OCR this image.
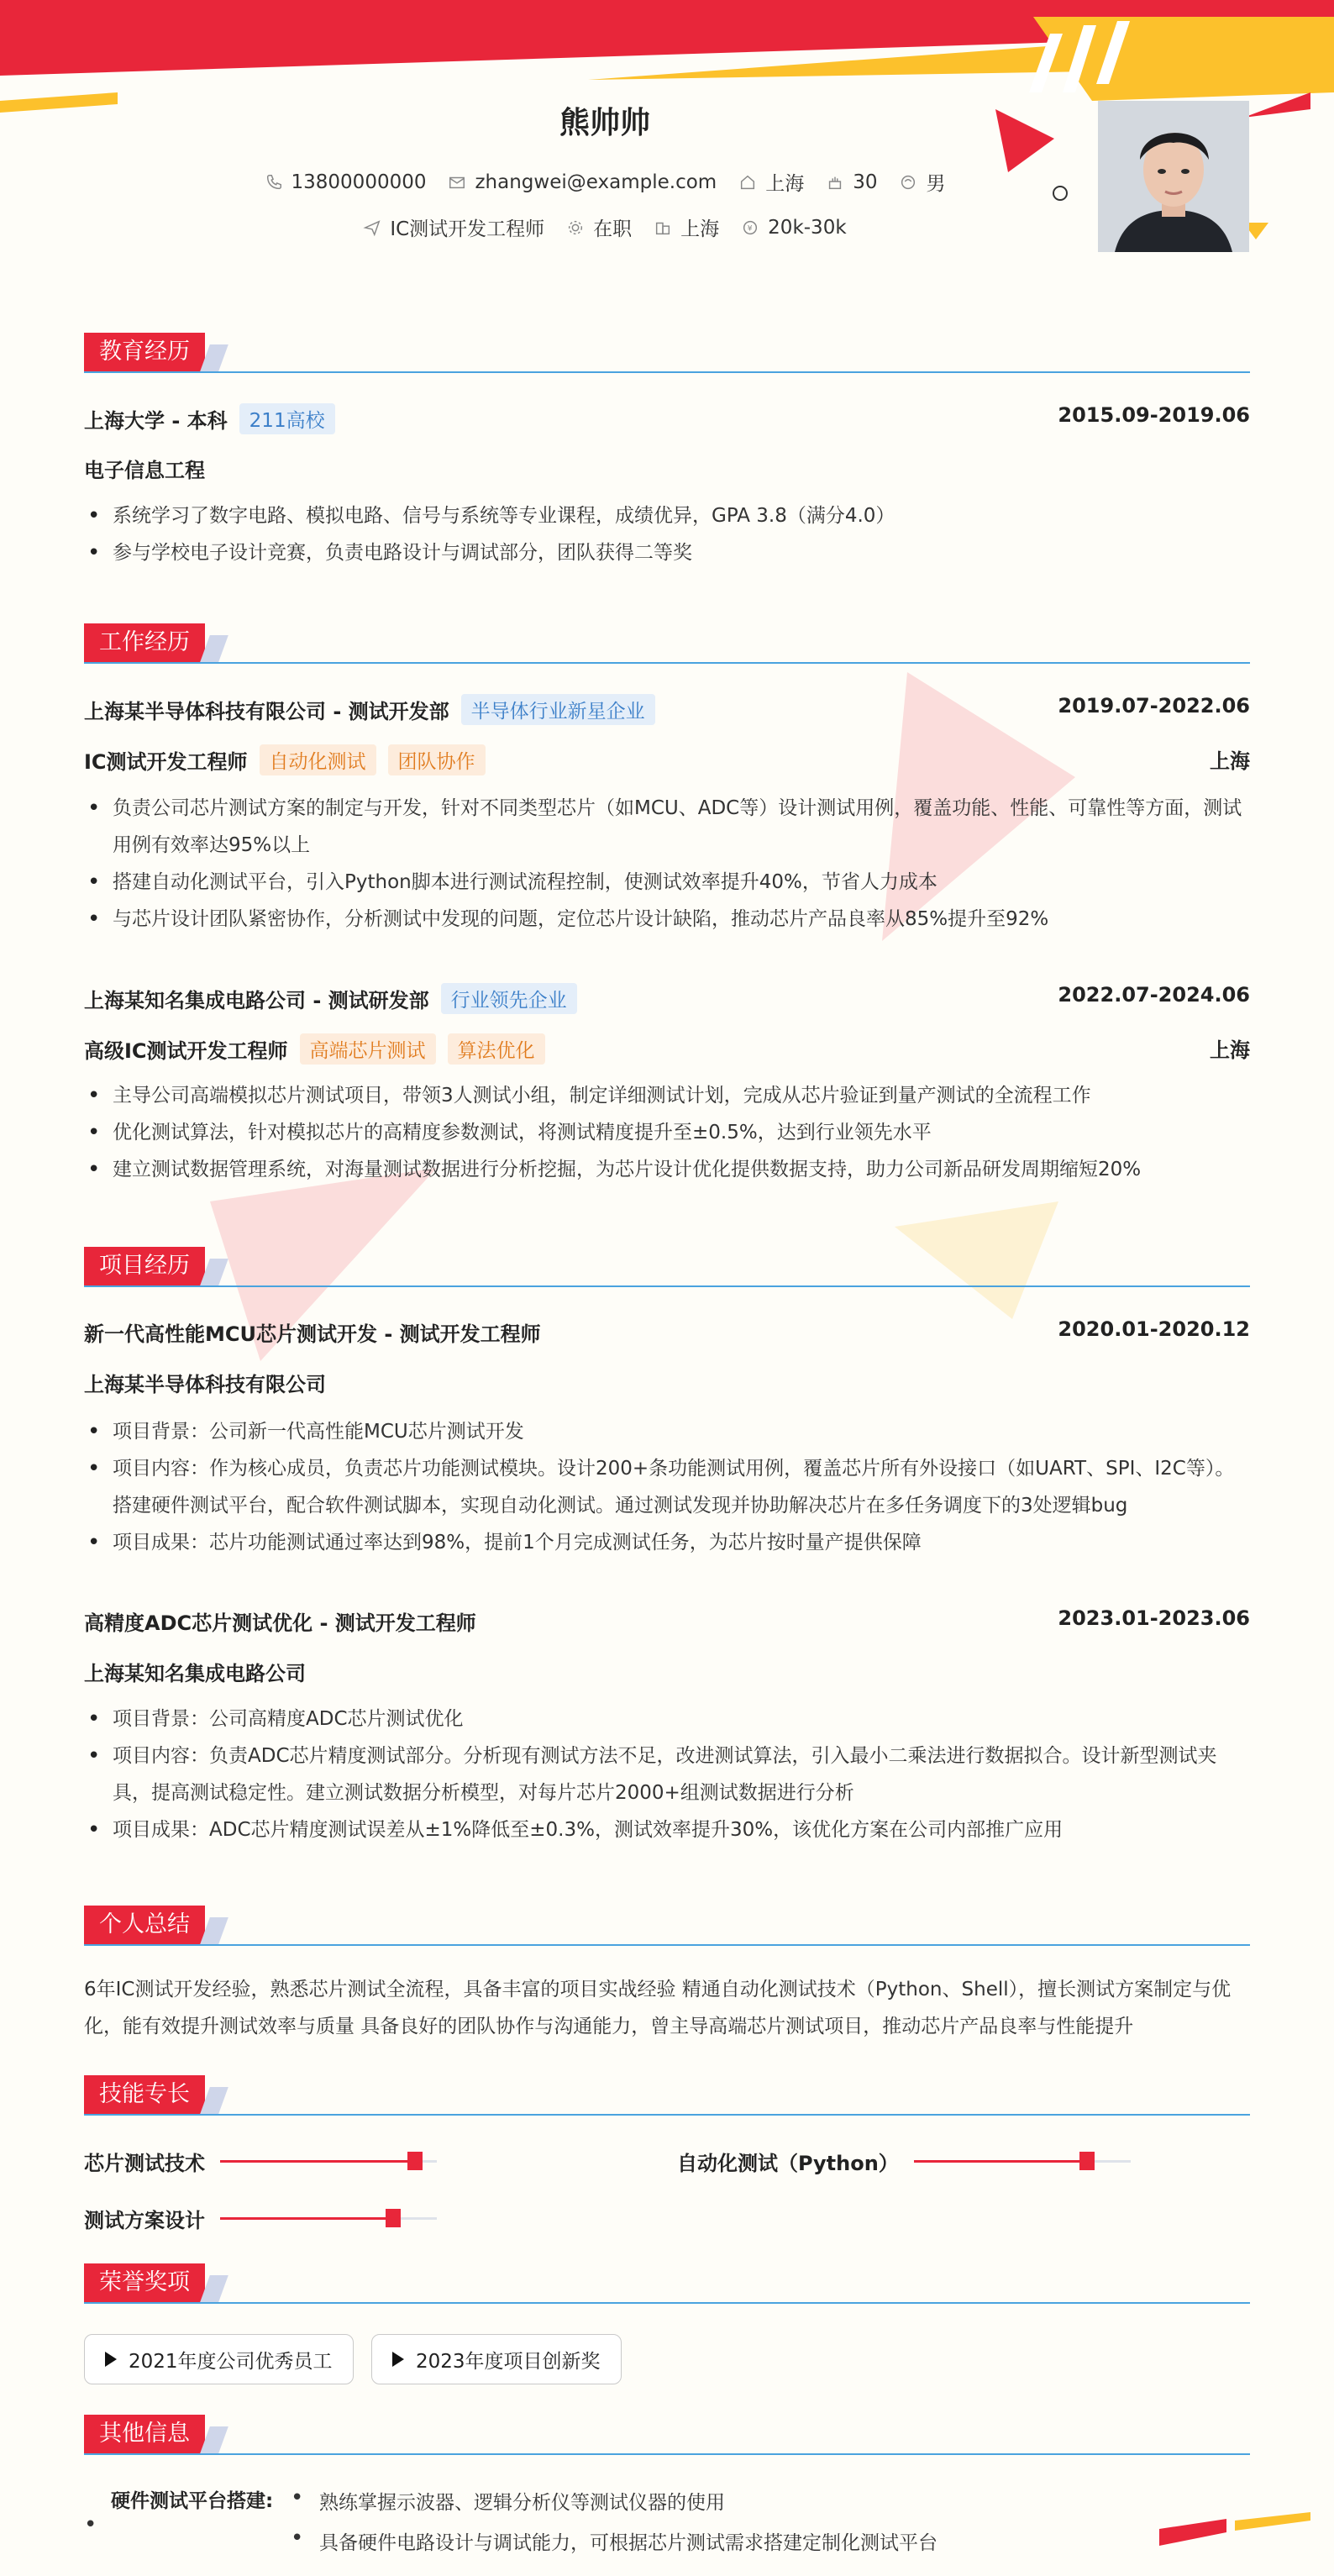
熊帅帅
13800000000	zhangwei@example.com	上海	30	男
IC测试开发工程师	在职	上海	¥ 20k-30k
教育经历
上海大学 - 本科	211高校	2015.09-2019.06
电子信息工程
• 系统学习了数字电路、模拟电路、信号与系统等专业课程，成绩优异，GPA 3.8（满分4.0）
• 参与学校电子设计竞赛，负责电路设计与调试部分，团队获得二等奖
工作经历
上海某半导体科技有限公司 - 测试开发部	半导体行业新星企业	2019.07-2022.06
IC测试开发工程师	自动化测试	团队协作	上海
• 负责公司芯片测试方案的制定与开发，针对不同类型芯片（如MCU、ADC等）设计测试用例，覆盖功能、性能、可靠性等方面，测试用例有效率达95%以上
• 搭建自动化测试平台，引入Python脚本进行测试流程控制，使测试效率提升40%，节省人力成本
• 与芯片设计团队紧密协作，分析测试中发现的问题，定位芯片设计缺陷，推动芯片产品良率从85%提升至92%
上海某知名集成电路公司 - 测试研发部	行业领先企业	2022.07-2024.06
高级IC测试开发工程师	高端芯片测试	算法优化	上海
• 主导公司高端模拟芯片测试项目，带领3人测试小组，制定详细测试计划，完成从芯片验证到量产测试的全流程工作
• 优化测试算法，针对模拟芯片的高精度参数测试，将测试精度提升至±0.5%，达到行业领先水平
• 建立测试数据管理系统，对海量测试数据进行分析挖掘，为芯片设计优化提供数据支持，助力公司新品研发周期缩短20%
项目经历
新一代高性能MCU芯片测试开发 - 测试开发工程师	2020.01-2020.12
上海某半导体科技有限公司
• 项目背景：公司新一代高性能MCU芯片测试开发
• 项目内容：作为核心成员，负责芯片功能测试模块。设计200+条功能测试用例，覆盖芯片所有外设接口（如UART、SPI、I2C等）。搭建硬件测试平台，配合软件测试脚本，实现自动化测试。通过测试发现并协助解决芯片在多任务调度下的3处逻辑bug
• 项目成果：芯片功能测试通过率达到98%，提前1个月完成测试任务，为芯片按时量产提供保障
高精度ADC芯片测试优化 - 测试开发工程师	2023.01-2023.06
上海某知名集成电路公司
• 项目背景：公司高精度ADC芯片测试优化
• 项目内容：负责ADC芯片精度测试部分。分析现有测试方法不足，改进测试算法，引入最小二乘法进行数据拟合。设计新型测试夹具，提高测试稳定性。建立测试数据分析模型，对每片芯片2000+组测试数据进行分析
• 项目成果：ADC芯片精度测试误差从±1%降低至±0.3%，测试效率提升30%，该优化方案在公司内部推广应用
个人总结

6年IC测试开发经验，熟悉芯片测试全流程，具备丰富的项目实战经验 精通自动化测试技术（Python、Shell），擅长测试方案制定与优化，能有效提升测试效率与质量 具备良好的团队协作与沟通能力，曾主导高端芯片测试项目，推动芯片产品良率与性能提升

技能专长
芯片测试技术	自动化测试（Python）
测试方案设计
荣誉奖项
2021年度公司优秀员工	2023年度项目创新奖
其他信息
•
硬件测试平台搭建: • 熟练掌握示波器、逻辑分析仪等测试仪器的使用
• 具备硬件电路设计与调试能力，可根据芯片测试需求搭建定制化测试平台
